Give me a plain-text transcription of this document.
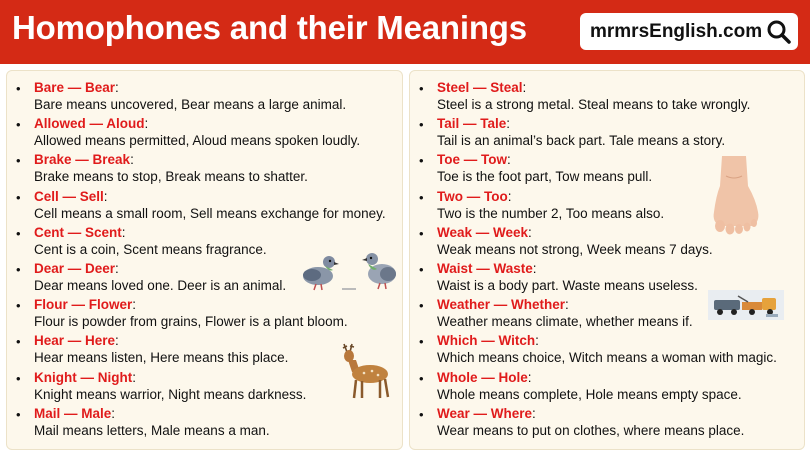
Homophones and their Meanings	mrmrsEnglish.com
• Bare — Bear:
Bare means uncovered, Bear means a large animal.
• Allowed — Aloud:
Allowed means permitted, Aloud means spoken loudly.
• Brake — Break:
Brake means to stop, Break means to shatter.
• Cell — Sell:
Cell means a small room, Sell means exchange for money.
• Cent — Scent:
Cent is a coin, Scent means fragrance.
• Dear — Deer:
Dear means loved one. Deer is an animal.
• Flour — Flower:
Flour is powder from grains, Flower is a plant bloom.
• Hear — Here:
Hear means listen, Here means this place.
• Knight — Night:
Knight means warrior, Night means darkness.
• Mail — Male:
Mail means letters, Male means a man.
• Steel — Steal:
Steel is a strong metal. Steal means to take wrongly.
• Tail — Tale:
Tail is an animal’s back part. Tale means a story.
• Toe — Tow:
Toe is the foot part, Tow means pull.
• Two — Too:
Two is the number 2, Too means also.
• Weak — Week:
Weak means not strong, Week means 7 days.
• Waist — Waste:
Waist is a body part. Waste means useless.
• Weather — Whether:
Weather means climate, whether means if.
• Which — Witch:
Which means choice, Witch means a woman with magic.
• Whole — Hole:
Whole means complete, Hole means empty space.
• Wear — Where:
Wear means to put on clothes, where means place.
